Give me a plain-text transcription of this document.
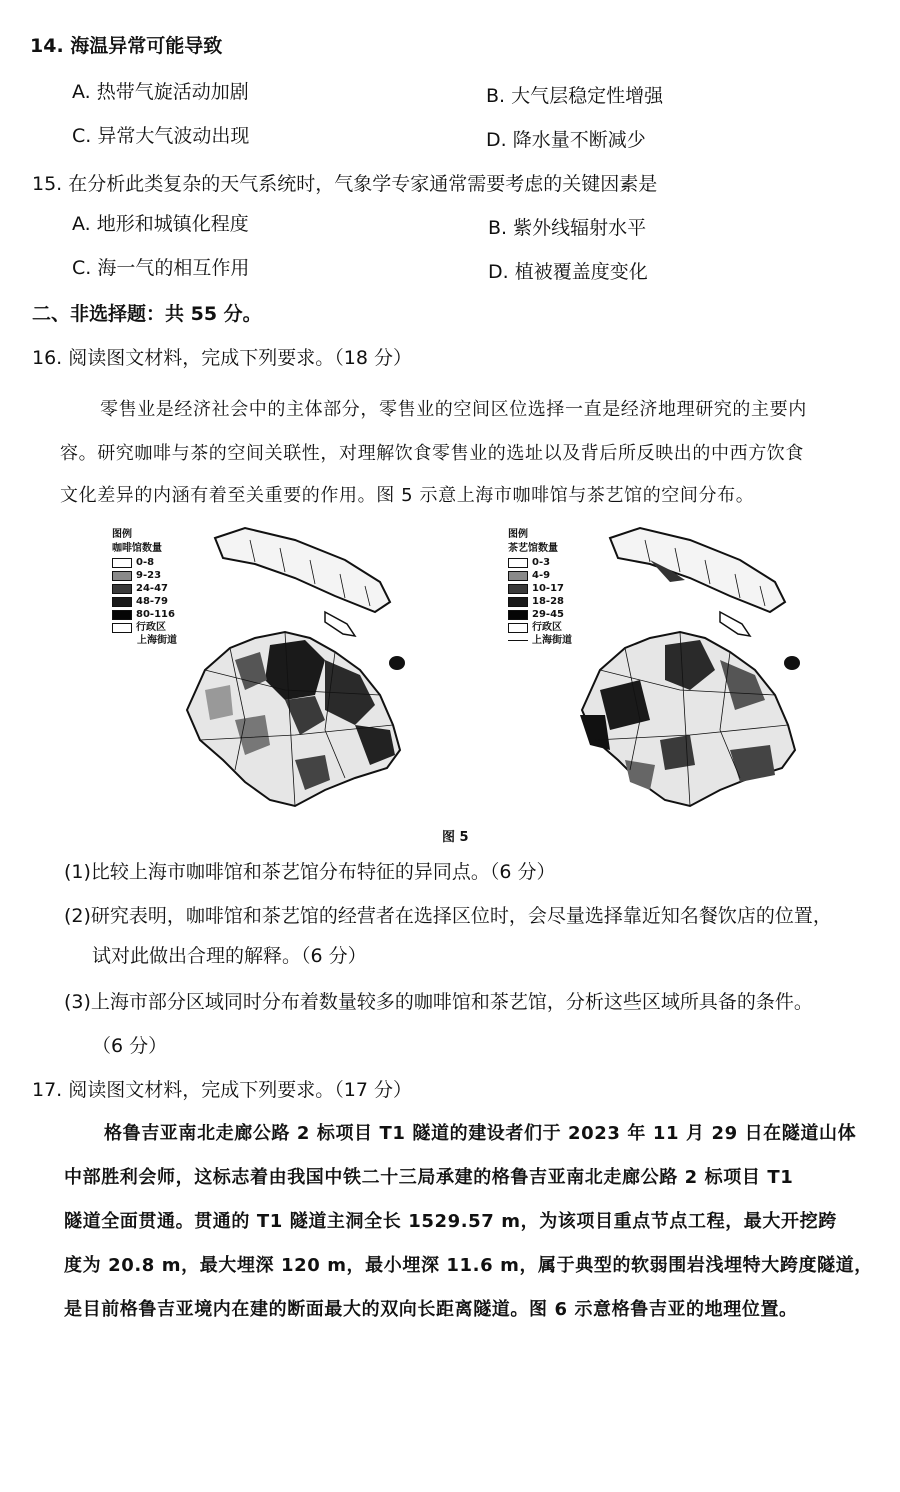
14. 海温异常可能导致
A. 热带气旋活动加剧	B. 大气层稳定性增强
C. 异常大气波动出现	D. 降水量不断减少
15. 在分析此类复杂的天气系统时，气象学专家通常需要考虑的关键因素是
A. 地形和城镇化程度	B. 紫外线辐射水平
C. 海一气的相互作用	D. 植被覆盖度变化
二、非选择题：共 55 分。
16. 阅读图文材料，完成下列要求。（18 分）
零售业是经济社会中的主体部分，零售业的空间区位选择一直是经济地理研究的主要内
容。研究咖啡与茶的空间关联性，对理解饮食零售业的选址以及背后所反映出的中西方饮食
文化差异的内涵有着至关重要的作用。图 5 示意上海市咖啡馆与茶艺馆的空间分布。
图例
咖啡馆数量
0-8
9-23
24-47
48-79
80-116
行政区
上海街道
图例
茶艺馆数量
0-3
4-9
10-17
18-28
29-45
行政区
上海街道
图 5
(1)比较上海市咖啡馆和茶艺馆分布特征的异同点。（6 分）
(2)研究表明，咖啡馆和茶艺馆的经营者在选择区位时，会尽量选择靠近知名餐饮店的位置，
试对此做出合理的解释。（6 分）
(3)上海市部分区域同时分布着数量较多的咖啡馆和茶艺馆，分析这些区域所具备的条件。
（6 分）
17. 阅读图文材料，完成下列要求。（17 分）
格鲁吉亚南北走廊公路 2 标项目 T1 隧道的建设者们于 2023 年 11 月 29 日在隧道山体
中部胜利会师，这标志着由我国中铁二十三局承建的格鲁吉亚南北走廊公路 2 标项目 T1
隧道全面贯通。贯通的 T1 隧道主洞全长 1529.57 m，为该项目重点节点工程，最大开挖跨
度为 20.8 m，最大埋深 120 m，最小埋深 11.6 m，属于典型的软弱围岩浅埋特大跨度隧道，
是目前格鲁吉亚境内在建的断面最大的双向长距离隧道。图 6 示意格鲁吉亚的地理位置。
